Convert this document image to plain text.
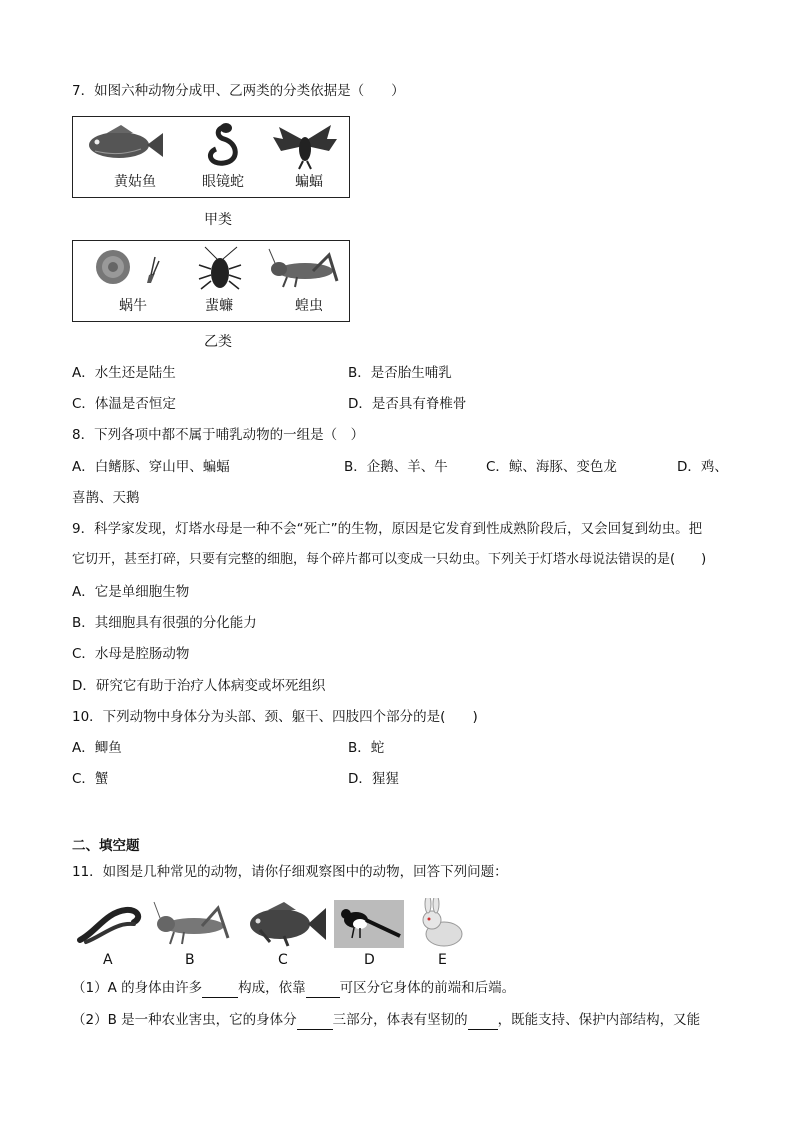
7．如图六种动物分成甲、乙两类的分类依据是（　　）
黄姑鱼	眼镜蛇	蝙蝠
甲类
蜗牛	蜚蠊	蝗虫
乙类
A．水生还是陆生	B．是否胎生哺乳
C．体温是否恒定	D．是否具有脊椎骨
8．下列各项中都不属于哺乳动物的一组是（　）
A．白鳍豚、穿山甲、蝙蝠	B．企鹅、羊、牛	C．鲸、海豚、变色龙	D．鸡、
喜鹊、天鹅
9．科学家发现，灯塔水母是一种不会“死亡”的生物，原因是它发育到性成熟阶段后，又会回复到幼虫。把
它切开，甚至打碎，只要有完整的细胞，每个碎片都可以变成一只幼虫。下列关于灯塔水母说法错误的是(　　)
A．它是单细胞生物
B．其细胞具有很强的分化能力
C．水母是腔肠动物
D．研究它有助于治疗人体病变或坏死组织
10．下列动物中身体分为头部、颈、躯干、四肢四个部分的是(　　)
A．鲫鱼	B．蛇
C．蟹	D．猩猩
二、填空题
11．如图是几种常见的动物，请你仔细观察图中的动物，回答下列问题：
A	B	C	D	E
（1）A 的身体由许多	构成，依靠	可区分它身体的前端和后端。
（2）B 是一种农业害虫，它的身体分	三部分，体表有坚韧的 ，既能支持、保护内部结构，又能
